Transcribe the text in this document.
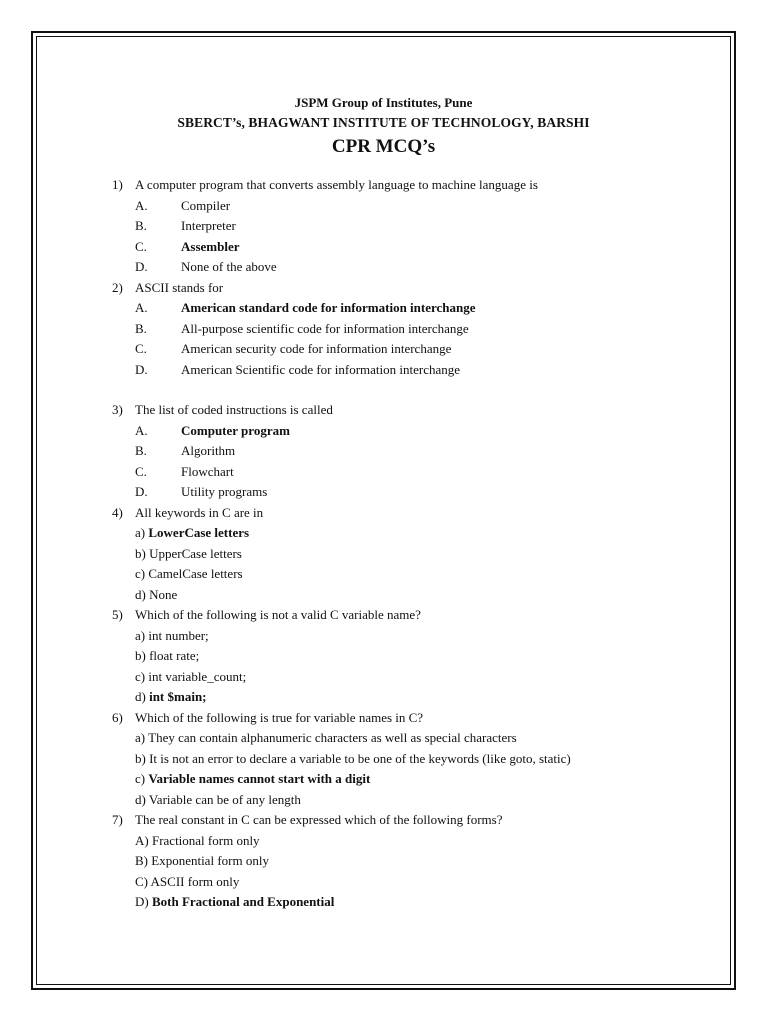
JSPM Group of Institutes, Pune
SBERCT’s, BHAGWANT INSTITUTE OF TECHNOLOGY, BARSHI
CPR MCQ’s
1) A computer program that converts assembly language to machine language is
A.	Compiler
B.	Interpreter
C.	Assembler
D.	None of the above
2) ASCII stands for
A.	American standard code for information interchange
B.	All-purpose scientific code for information interchange
C.	American security code for information interchange
D.	American Scientific code for information interchange
3) The list of coded instructions is called
A.	Computer program
B.	Algorithm
C.	Flowchart
D.	Utility programs
4) All keywords in C are in
a) LowerCase letters
b) UpperCase letters
c) CamelCase letters
d) None
5) Which of the following is not a valid C variable name?
a) int number;
b) float rate;
c) int variable_count;
d) int $main;
6) Which of the following is true for variable names in C?
a) They can contain alphanumeric characters as well as special characters
b) It is not an error to declare a variable to be one of the keywords (like goto, static)
c) Variable names cannot start with a digit
d) Variable can be of any length
7) The real constant in C can be expressed which of the following forms?
A) Fractional form only
B) Exponential form only
C) ASCII form only
D) Both Fractional and Exponential
